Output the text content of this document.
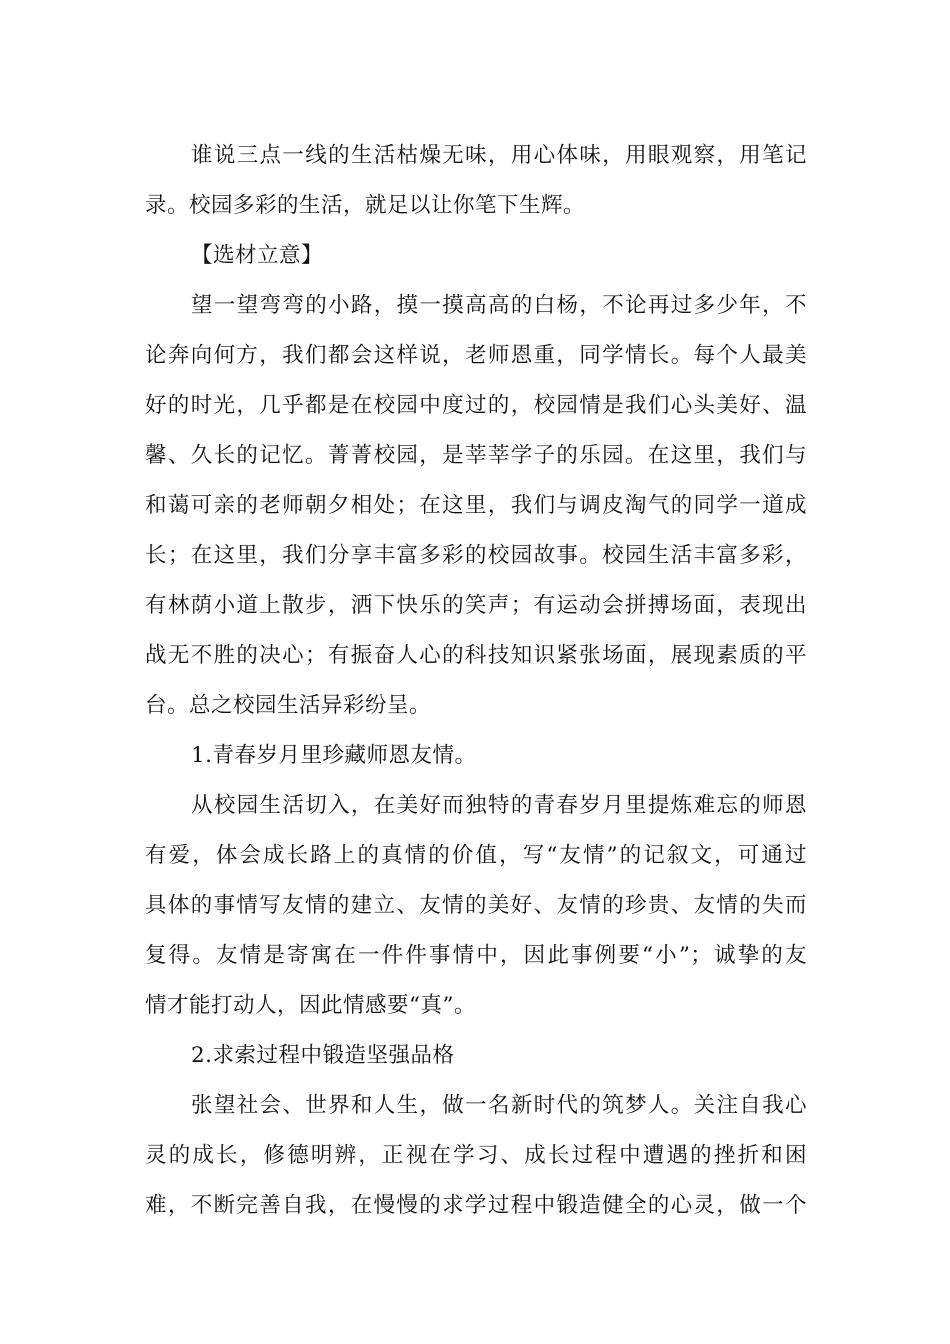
谁说三点一线的生活枯燥无味，用心体味，用眼观察，用笔记
录。校园多彩的生活，就足以让你笔下生辉。
【选材立意】
望一望弯弯的小路，摸一摸高高的白杨，不论再过多少年，不
论奔向何方，我们都会这样说，老师恩重，同学情长。每个人最美
好的时光，几乎都是在校园中度过的，校园情是我们心头美好、温
馨、久长的记忆。菁菁校园，是莘莘学子的乐园。在这里，我们与
和蔼可亲的老师朝夕相处；在这里，我们与调皮淘气的同学一道成
长；在这里，我们分享丰富多彩的校园故事。校园生活丰富多彩，
有林荫小道上散步，洒下快乐的笑声；有运动会拼搏场面，表现出
战无不胜的决心；有振奋人心的科技知识紧张场面，展现素质的平
台。总之校园生活异彩纷呈。
1.青春岁月里珍藏师恩友情。
从校园生活切入，在美好而独特的青春岁月里提炼难忘的师恩
有爱，体会成长路上的真情的价值，写“友情”的记叙文，可通过
具体的事情写友情的建立、友情的美好、友情的珍贵、友情的失而
复得。友情是寄寓在一件件事情中，因此事例要“小”；诚挚的友
情才能打动人，因此情感要“真”。
2.求索过程中锻造坚强品格
张望社会、世界和人生，做一名新时代的筑梦人。关注自我心
灵的成长，修德明辨，正视在学习、成长过程中遭遇的挫折和困
难，不断完善自我，在慢慢的求学过程中锻造健全的心灵，做一个
